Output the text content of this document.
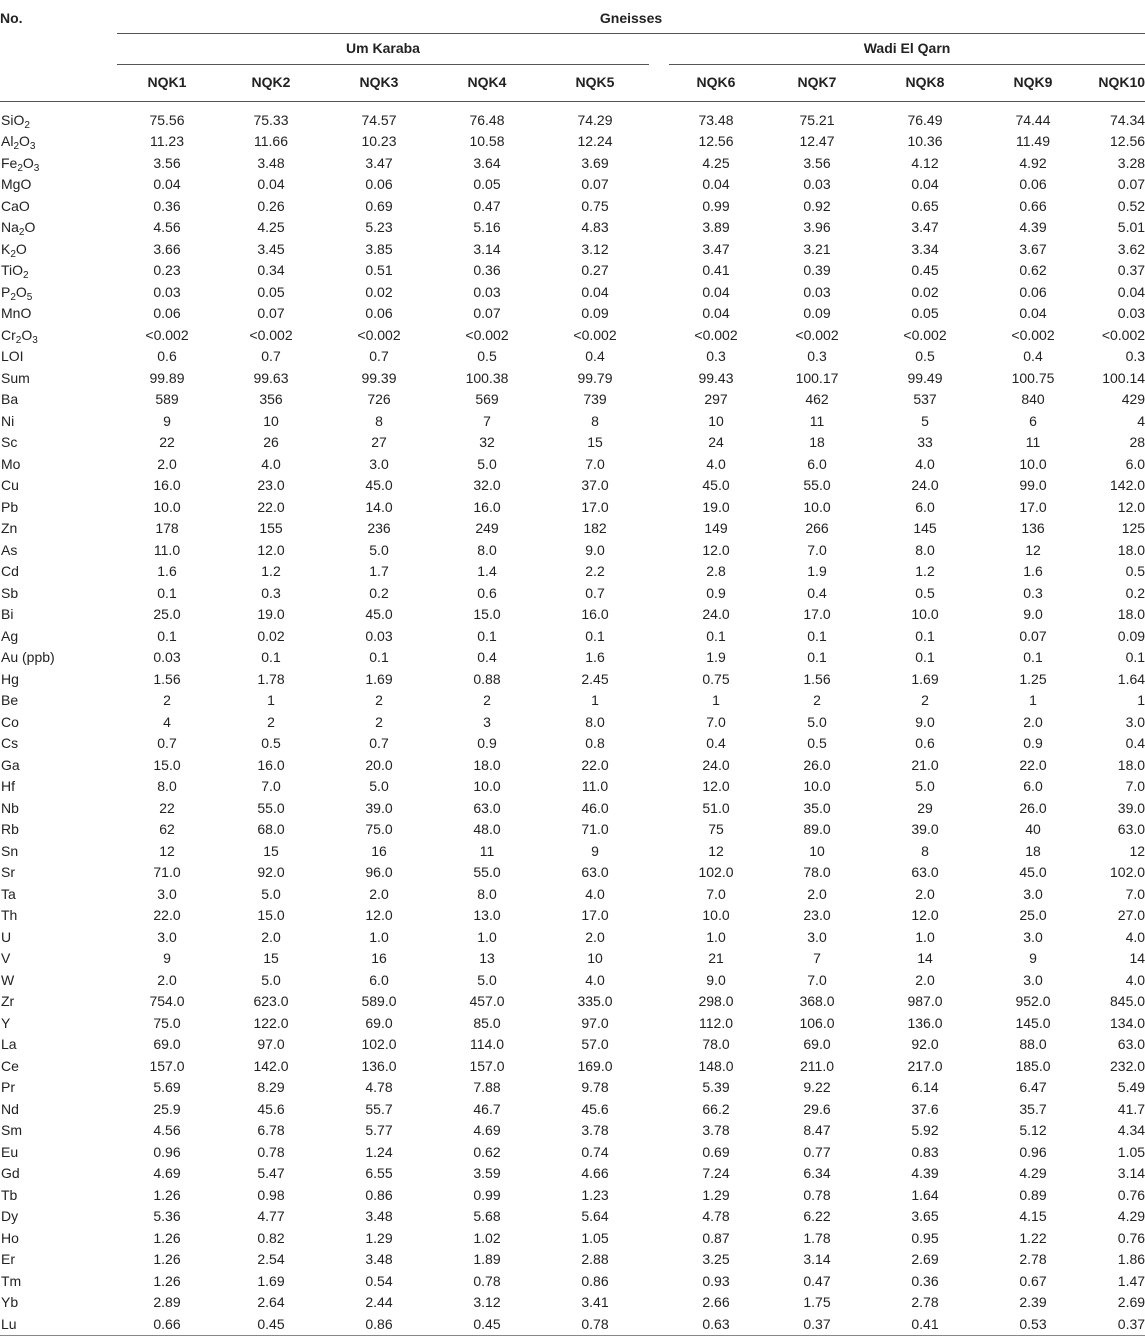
No.	Gneisses										
	Um Karaba						Wadi El Qarn				
	NQK1	NQK2	NQK3	NQK4	NQK5		NQK6	NQK7	NQK8	NQK9	NQK10

SiO$_2$	75.56	75.33	74.57	76.48	74.29		73.48	75.21	76.49	74.44	74.34
$Al_2O_3$	11.23	11.66	10.23	10.58	12.24		12.56	12.47	10.36	11.49	12.56
$Fe_2O_3$	3.56	3.48	3.47	3.64	3.69		4.25	3.56	4.12	4.92	3.28
MgO	0.04	0.04	0.06	0.05	0.07		0.04	0.03	0.04	0.06	0.07
CaO	0.36	0.26	0.69	0.47	0.75		0.99	0.92	0.65	0.66	0.52
$Na_2O$	4.56	4.25	5.23	5.16	4.83		3.89	3.96	3.47	4.39	5.01
$K_2O$	3.66	3.45	3.85	3.14	3.12		3.47	3.21	3.34	3.67	3.62
TiO$_2$	0.23	0.34	0.51	0.36	0.27		0.41	0.39	0.45	0.62	0.37
$P_2O_5$	0.03	0.05	0.02	0.03	0.04		0.04	0.03	0.02	0.06	0.04
MnO	0.06	0.07	0.06	0.07	0.09		0.04	0.09	0.05	0.04	0.03
$Cr_2O_3$	<0.002	<0.002	<0.002	<0.002	<0.002		<0.002	<0.002	<0.002	<0.002	<0.002
LOI	0.6	0.7	0.7	0.5	0.4		0.3	0.3	0.5	0.4	0.3
Sum	99.89	99.63	99.39	100.38	99.79		99.43	100.17	99.49	100.75	100.14
Ba	589	356	726	569	739		297	462	537	840	429
Ni	9	10	8	7	8		10	11	5	6	4
Sc	22	26	27	32	15		24	18	33	11	28
Mo	2.0	4.0	3.0	5.0	7.0		4.0	6.0	4.0	10.0	6.0
Cu	16.0	23.0	45.0	32.0	37.0		45.0	55.0	24.0	99.0	142.0
Pb	10.0	22.0	14.0	16.0	17.0		19.0	10.0	6.0	17.0	12.0
Zn	178	155	236	249	182		149	266	145	136	125
As	11.0	12.0	5.0	8.0	9.0		12.0	7.0	8.0	12	18.0
Cd	1.6	1.2	1.7	1.4	2.2		2.8	1.9	1.2	1.6	0.5
Sb	0.1	0.3	0.2	0.6	0.7		0.9	0.4	0.5	0.3	0.2
Bi	25.0	19.0	45.0	15.0	16.0		24.0	17.0	10.0	9.0	18.0
Ag	0.1	0.02	0.03	0.1	0.1		0.1	0.1	0.1	0.07	0.09
Au (ppb)	0.03	0.1	0.1	0.4	1.6		1.9	0.1	0.1	0.1	0.1
Hg	1.56	1.78	1.69	0.88	2.45		0.75	1.56	1.69	1.25	1.64
Be	2	1	2	2	1		1	2	2	1	1
Co	4	2	2	3	8.0		7.0	5.0	9.0	2.0	3.0
Cs	0.7	0.5	0.7	0.9	0.8		0.4	0.5	0.6	0.9	0.4
Ga	15.0	16.0	20.0	18.0	22.0		24.0	26.0	21.0	22.0	18.0
Hf	8.0	7.0	5.0	10.0	11.0		12.0	10.0	5.0	6.0	7.0
Nb	22	55.0	39.0	63.0	46.0		51.0	35.0	29	26.0	39.0
Rb	62	68.0	75.0	48.0	71.0		75	89.0	39.0	40	63.0
Sn	12	15	16	11	9		12	10	8	18	12
Sr	71.0	92.0	96.0	55.0	63.0		102.0	78.0	63.0	45.0	102.0
Ta	3.0	5.0	2.0	8.0	4.0		7.0	2.0	2.0	3.0	7.0
Th	22.0	15.0	12.0	13.0	17.0		10.0	23.0	12.0	25.0	27.0
U	3.0	2.0	1.0	1.0	2.0		1.0	3.0	1.0	3.0	4.0
V	9	15	16	13	10		21	7	14	9	14
W	2.0	5.0	6.0	5.0	4.0		9.0	7.0	2.0	3.0	4.0
Zr	754.0	623.0	589.0	457.0	335.0		298.0	368.0	987.0	952.0	845.0
Y	75.0	122.0	69.0	85.0	97.0		112.0	106.0	136.0	145.0	134.0
La	69.0	97.0	102.0	114.0	57.0		78.0	69.0	92.0	88.0	63.0
Ce	157.0	142.0	136.0	157.0	169.0		148.0	211.0	217.0	185.0	232.0
Pr	5.69	8.29	4.78	7.88	9.78		5.39	9.22	6.14	6.47	5.49
Nd	25.9	45.6	55.7	46.7	45.6		66.2	29.6	37.6	35.7	41.7
Sm	4.56	6.78	5.77	4.69	3.78		3.78	8.47	5.92	5.12	4.34
Eu	0.96	0.78	1.24	0.62	0.74		0.69	0.77	0.83	0.96	1.05
Gd	4.69	5.47	6.55	3.59	4.66		7.24	6.34	4.39	4.29	3.14
Tb	1.26	0.98	0.86	0.99	1.23		1.29	0.78	1.64	0.89	0.76
Dy	5.36	4.77	3.48	5.68	5.64		4.78	6.22	3.65	4.15	4.29
Ho	1.26	0.82	1.29	1.02	1.05		0.87	1.78	0.95	1.22	0.76
Er	1.26	2.54	3.48	1.89	2.88		3.25	3.14	2.69	2.78	1.86
Tm	1.26	1.69	0.54	0.78	0.86		0.93	0.47	0.36	0.67	1.47
Yb	2.89	2.64	2.44	3.12	3.41		2.66	1.75	2.78	2.39	2.69
Lu	0.66	0.45	0.86	0.45	0.78		0.63	0.37	0.41	0.53	0.37
